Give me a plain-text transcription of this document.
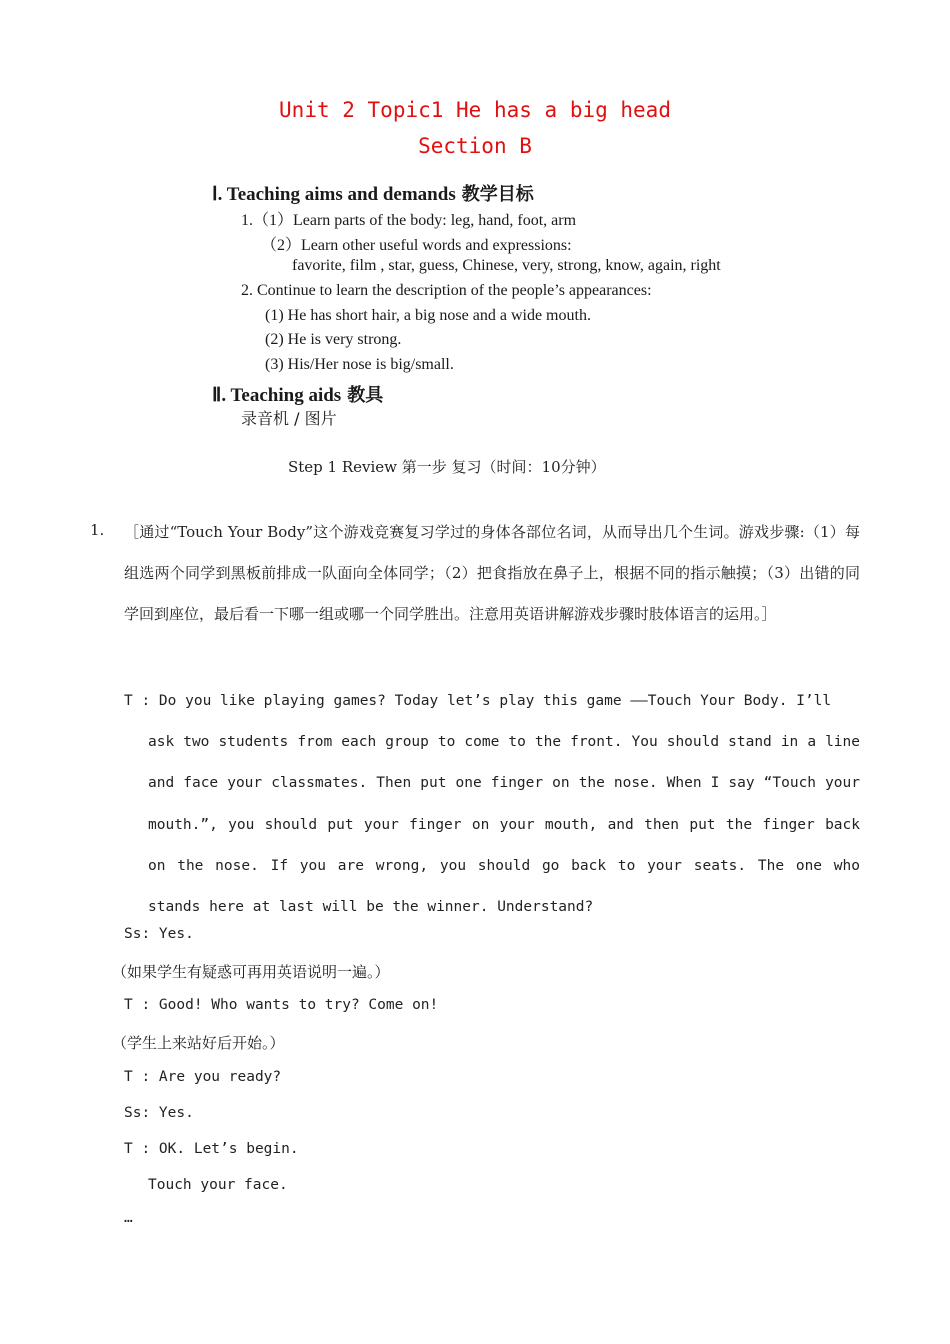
Unit 2 Topic1 He has a big head
Section B
Ⅰ. Teaching aims and demands 教学目标
1.（1）Learn parts of the body: leg, hand, foot, arm
（2）Learn other useful words and expressions:
favorite, film , star, guess, Chinese, very, strong, know, again, right
2. Continue to learn the description of the people’s appearances:
(1) He has short hair, a big nose and a wide mouth.
(2) He is very strong.
(3) His/Her nose is big/small.
Ⅱ. Teaching aids 教具
录音机 / 图片
Step 1 Review 第一步 复习（时间：10分钟）
1. ［通过“Touch Your Body”这个游戏竞赛复习学过的身体各部位名词，从而导出几个生词。游戏步骤:（1）每组选两个同学到黑板前排成一队面向全体同学；（2）把食指放在鼻子上，根据不同的指示触摸；（3）出错的同学回到座位，最后看一下哪一组或哪一个同学胜出。注意用英语讲解游戏步骤时肢体语言的运用。］
T : Do you like playing games? Today let’s play this game ——Touch Your Body. I’ll
ask two students from each group to come to the front. You should stand in a line and face your classmates. Then put one finger on the nose. When I say “Touch your mouth.”, you should put your finger on your mouth, and then put the finger back on the nose. If you are wrong, you should go back to your seats. The one who stands here at last will be the winner. Understand?
Ss: Yes.
（如果学生有疑惑可再用英语说明一遍。）
T : Good! Who wants to try? Come on!
（学生上来站好后开始。）
T : Are you ready?
Ss: Yes.
T : OK. Let’s begin.
Touch your face.
…
